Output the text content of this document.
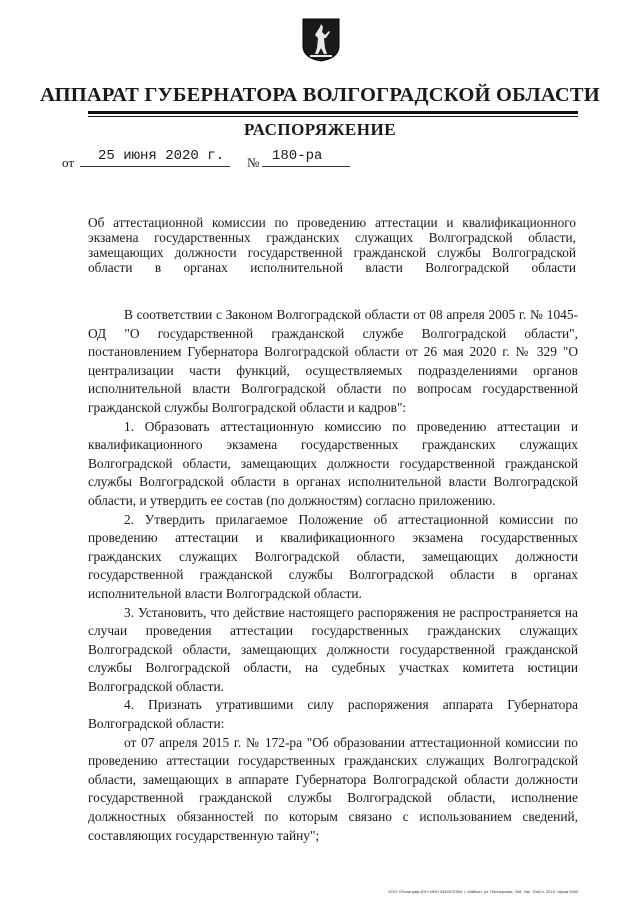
АППАРАТ ГУБЕРНАТОРА ВОЛГОГРАДСКОЙ ОБЛАСТИ
РАСПОРЯЖЕНИЕ
от 25 июня 2020 г. № 180-ра
Об аттестационной комиссии по проведению аттестации и квалификационного экзамена государственных гражданских служащих Волгоградской области, замещающих должности государственной гражданской службы Волгоградской области в органах исполнительной власти Волгоградской области

В соответствии с Законом Волгоградской области от 08 апреля 2005 г. № 1045-ОД "О государственной гражданской службе Волгоградской области", постановлением Губернатора Волгоградской области от 26 мая 2020 г. № 329 "О централизации части функций, осуществляемых подразделениями органов исполнительной власти Волгоградской области по вопросам государственной гражданской службы Волгоградской области и кадров":

1. Образовать аттестационную комиссию по проведению аттестации и квалификационного экзамена государственных гражданских служащих Волгоградской области, замещающих должности государственной гражданской службы Волгоградской области в органах исполнительной власти Волгоградской области, и утвердить ее состав (по должностям) согласно приложению.

2. Утвердить прилагаемое Положение об аттестационной комиссии по проведению аттестации и квалификационного экзамена государственных гражданских служащих Волгоградской области, замещающих должности государственной гражданской службы Волгоградской области в органах исполнительной власти Волгоградской области.

3. Установить, что действие настоящего распоряжения не распространяется на случаи проведения аттестации государственных гражданских служащих Волгоградской области, замещающих должности государственной гражданской службы Волгоградской области, на судебных участках комитета юстиции Волгоградской области.

4. Признать утратившими силу распоряжения аппарата Губернатора Волгоградской области:

от 07 апреля 2015 г. № 172-ра "Об образовании аттестационной комиссии по проведению аттестации государственных гражданских служащих Волгоградской области, замещающих в аппарате Губернатора Волгоградской области должности государственной гражданской службы Волгоградской области, исполнение должностных обязанностей по которым связано с использованием сведений, составляющих государственную тайну";

ООО «Полиграф-ЮГ» ИНН 3444072369, г. Майкоп, ул. Пионерская, 268. Зак. 19аСх. 2015, тираж 5000
